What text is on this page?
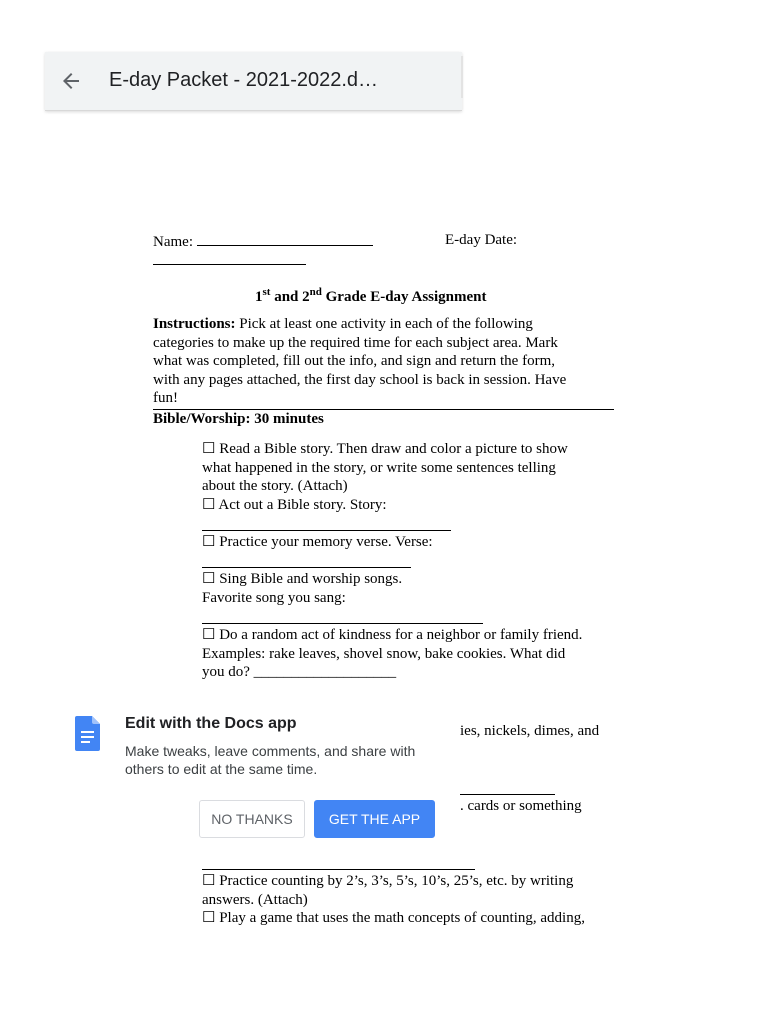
E-day Packet - 2021-2022.d…
Name:	E-day Date:
1st and 2nd Grade E-day Assignment
Instructions: Pick at least one activity in each of the following
categories to make up the required time for each subject area. Mark
what was completed, fill out the info, and sign and return the form,
with any pages attached, the first day school is back in session. Have
fun!
Bible/Worship: 30 minutes
☐ Read a Bible story. Then draw and color a picture to show
what happened in the story, or write some sentences telling
about the story. (Attach)
☐ Act out a Bible story. Story:
☐ Practice your memory verse. Verse:
☐ Sing Bible and worship songs.
Favorite song you sang:
☐ Do a random act of kindness for a neighbor or family friend.
Examples: rake leaves, shovel snow, bake cookies. What did
you do? ___________________
ies, nickels, dimes, and
. cards or something
☐ Practice counting by 2’s, 3’s, 5’s, 10’s, 25’s, etc. by writing
answers. (Attach)
☐ Play a game that uses the math concepts of counting, adding,
Edit with the Docs app
Make tweaks, leave comments, and share with others to edit at the same time.
NO THANKS	GET THE APP
